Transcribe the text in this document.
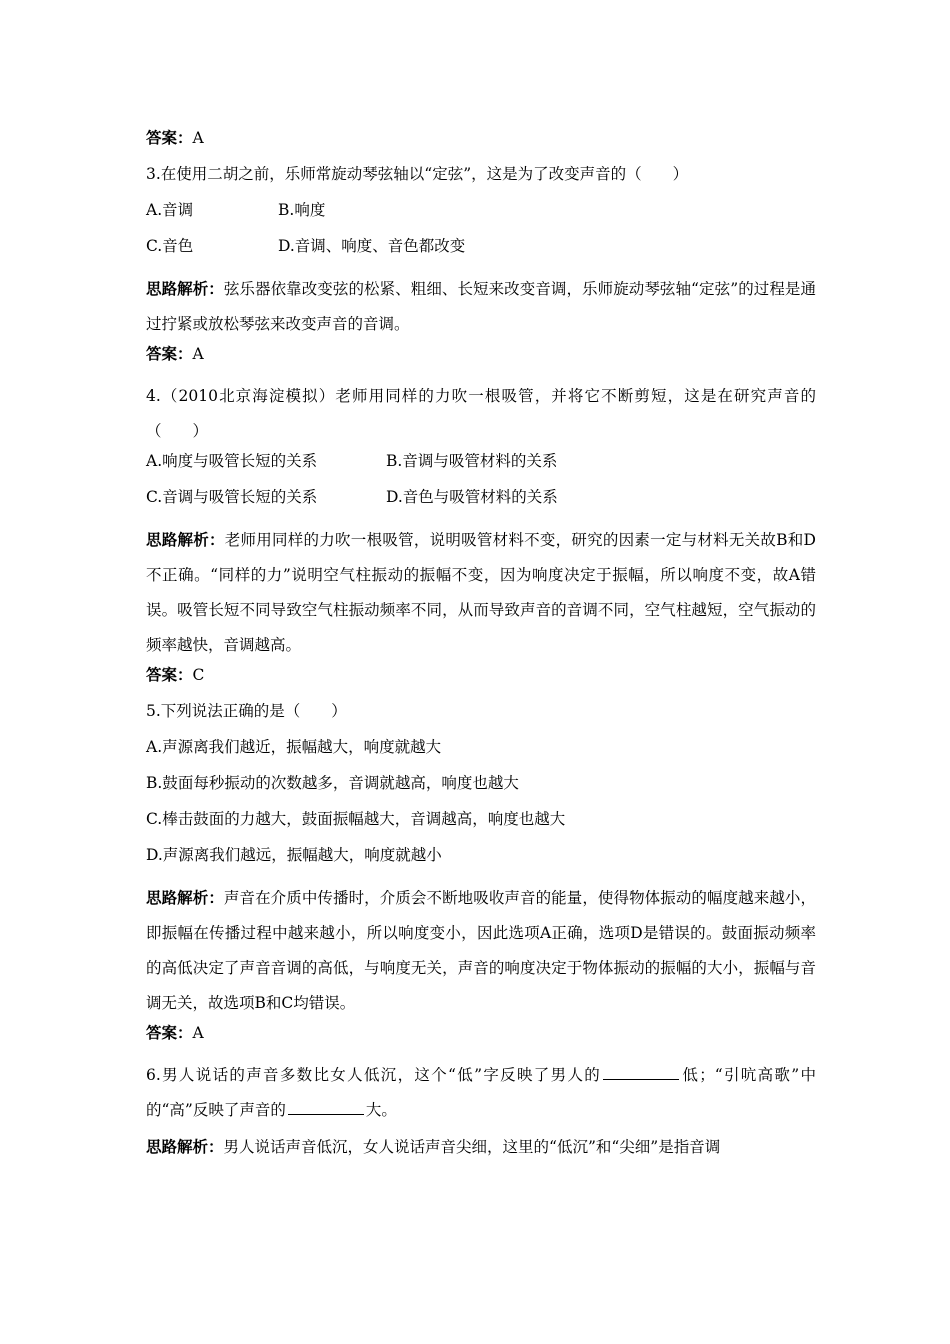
答案：A
3.在使用二胡之前，乐师常旋动琴弦轴以“定弦”，这是为了改变声音的（　　）
A.音调	B.响度
C.音色	D.音调、响度、音色都改变
思路解析：弦乐器依靠改变弦的松紧、粗细、长短来改变音调，乐师旋动琴弦轴“定弦”的过程是通过拧紧或放松琴弦来改变声音的音调。
答案：A
4.（2010北京海淀模拟）老师用同样的力吹一根吸管，并将它不断剪短，这是在研究声音的（　　）
A.响度与吸管长短的关系	B.音调与吸管材料的关系
C.音调与吸管长短的关系	D.音色与吸管材料的关系
思路解析：老师用同样的力吹一根吸管，说明吸管材料不变，研究的因素一定与材料无关故B和D不正确。“同样的力”说明空气柱振动的振幅不变，因为响度决定于振幅，所以响度不变，故A错误。吸管长短不同导致空气柱振动频率不同，从而导致声音的音调不同，空气柱越短，空气振动的频率越快，音调越高。
答案：C
5.下列说法正确的是（　　）
A.声源离我们越近，振幅越大，响度就越大
B.鼓面每秒振动的次数越多，音调就越高，响度也越大
C.棒击鼓面的力越大，鼓面振幅越大，音调越高，响度也越大
D.声源离我们越远，振幅越大，响度就越小
思路解析：声音在介质中传播时，介质会不断地吸收声音的能量，使得物体振动的幅度越来越小，即振幅在传播过程中越来越小，所以响度变小，因此选项A正确，选项D是错误的。鼓面振动频率的高低决定了声音音调的高低，与响度无关，声音的响度决定于物体振动的振幅的大小，振幅与音调无关，故选项B和C均错误。
答案：A
6.男人说话的声音多数比女人低沉，这个“低”字反映了男人的	低；“引吭高歌”中的“高”反映了声音的	大。
思路解析：男人说话声音低沉，女人说话声音尖细，这里的“低沉”和“尖细”是指音调
